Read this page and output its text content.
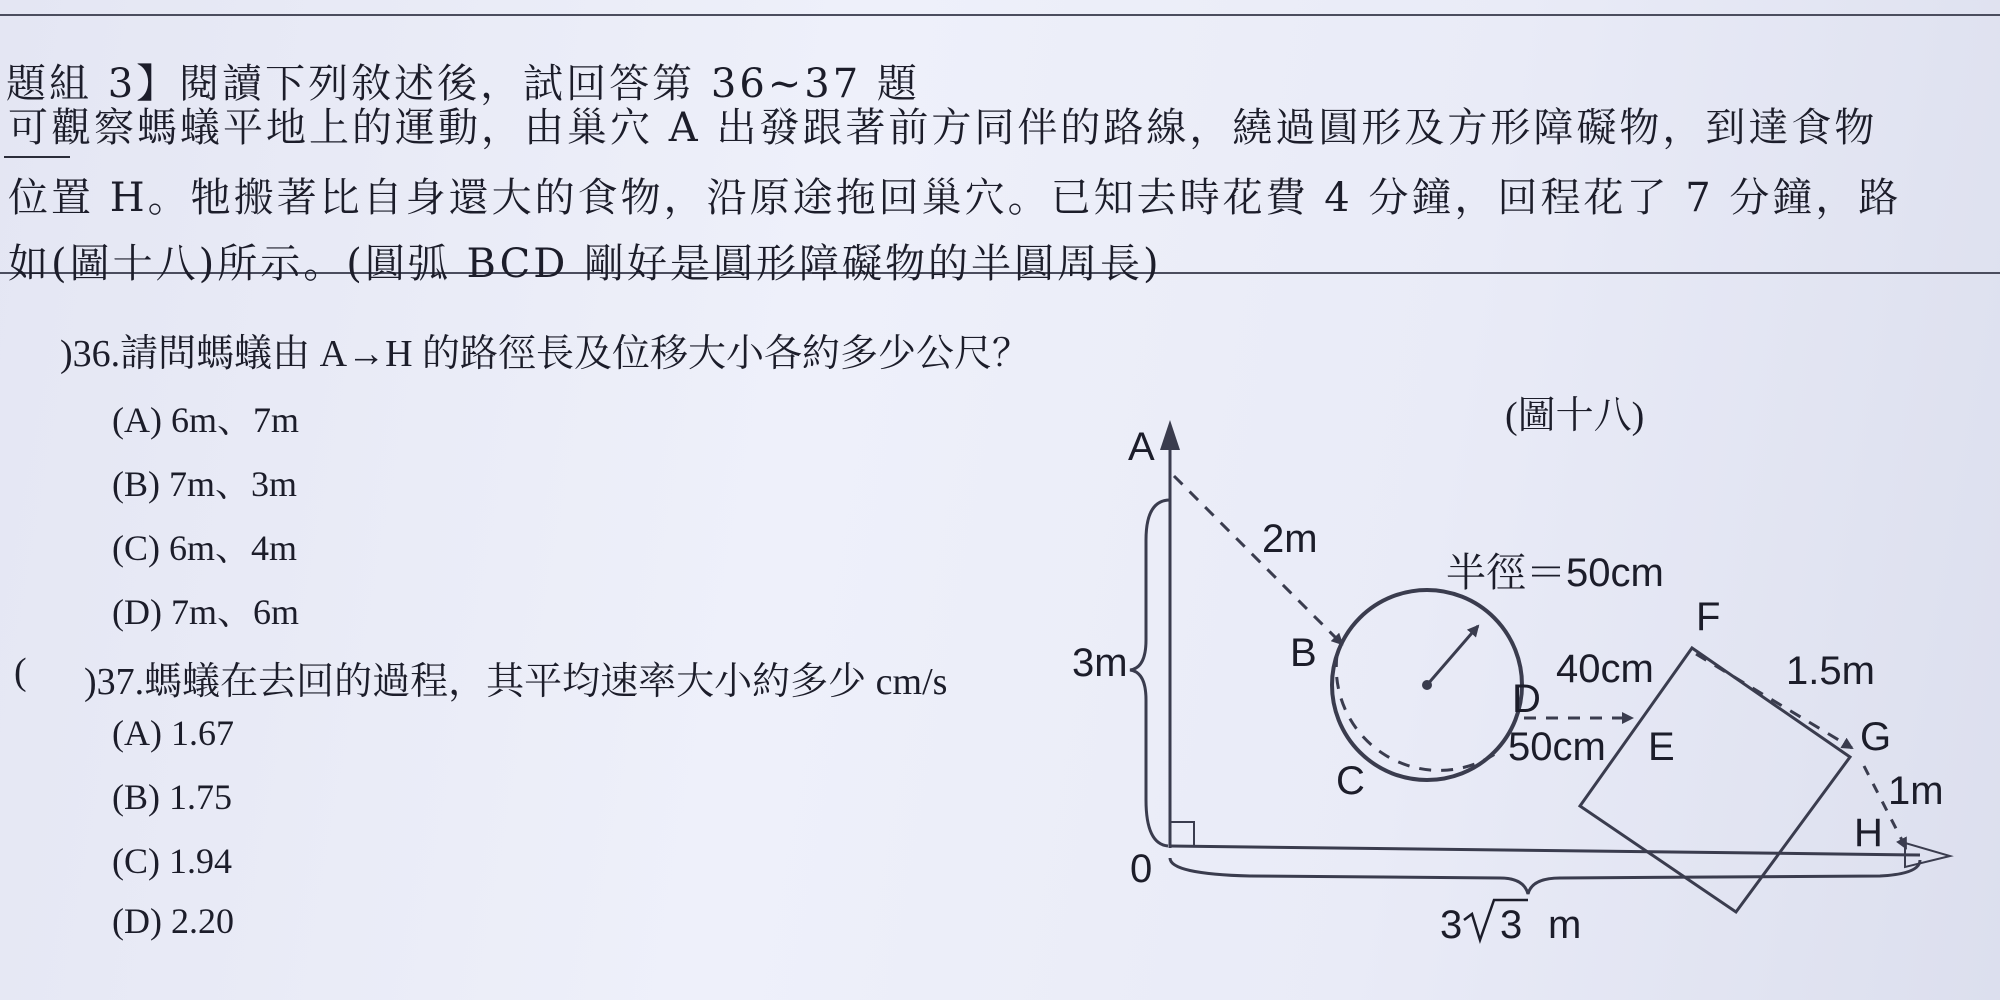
題組 3】閱讀下列敘述後，試回答第 36~37 題
可觀察螞蟻平地上的運動，由巢穴 A 出發跟著前方同伴的路線，繞過圓形及方形障礙物，到達食物
位置 H。牠搬著比自身還大的食物，沿原途拖回巢穴。已知去時花費 4 分鐘，回程花了 7 分鐘，路
如(圖十八)所示。(圓弧 BCD 剛好是圓形障礙物的半圓周長)
)36.請問螞蟻由 A→H 的路徑長及位移大小各約多少公尺？
(A) 6m、7m
(B) 7m、3m
(C) 6m、4m
(D) 7m、6m
( )37.螞蟻在去回的過程，其平均速率大小約多少 cm/s
(A) 1.67
(B) 1.75
(C) 1.94
(D) 2.20
(圖十八)
A
2m
半徑＝50cm
B
3m	40cm
D
50cm E
F
1.5m
G
C	1m
H
0
3 3 m
